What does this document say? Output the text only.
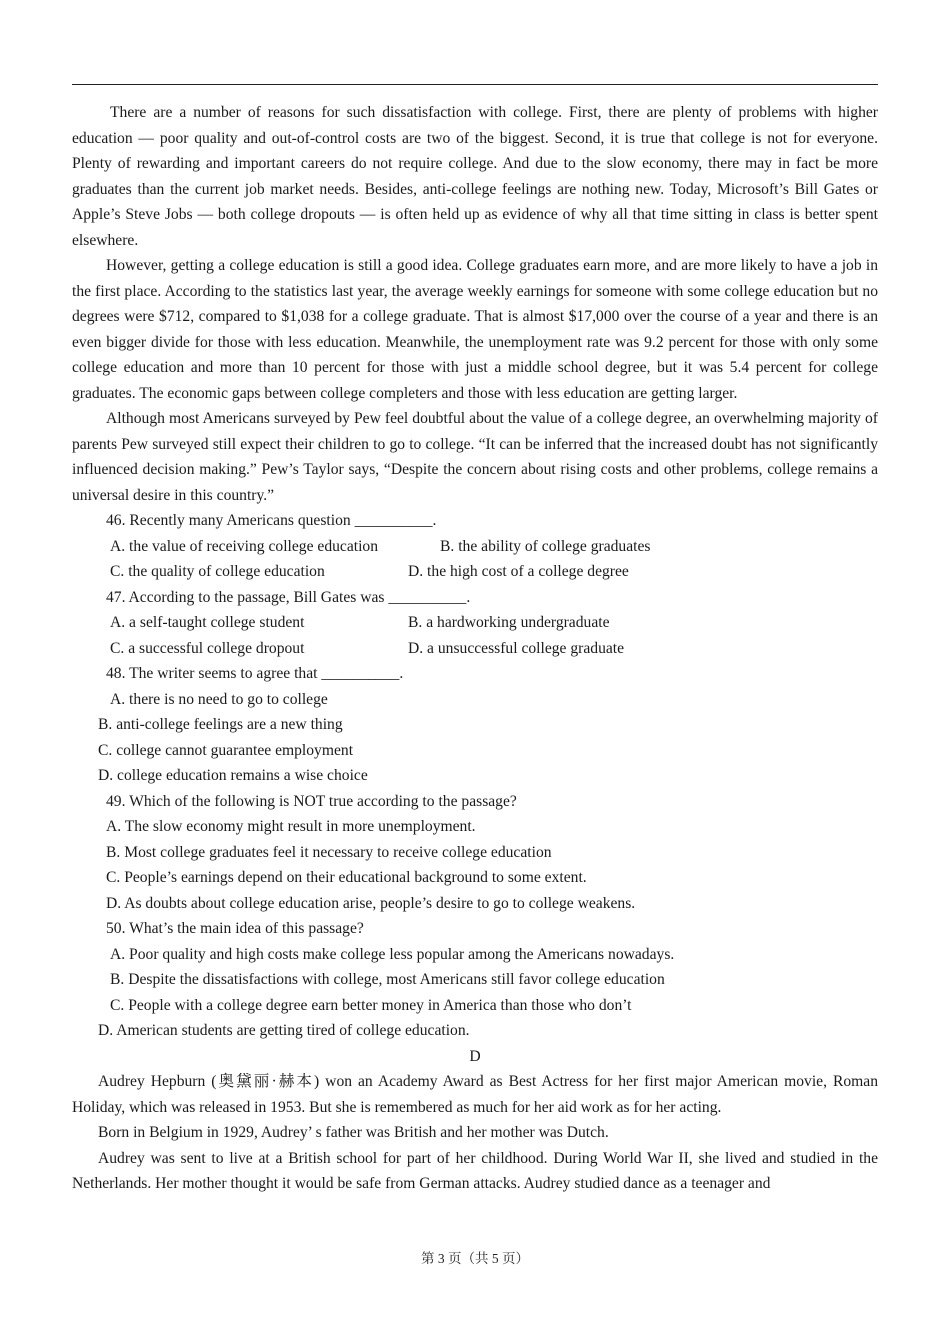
There are a number of reasons for such dissatisfaction with college. First, there are plenty of problems with higher education — poor quality and out-of-control costs are two of the biggest. Second, it is true that college is not for everyone. Plenty of rewarding and important careers do not require college. And due to the slow economy, there may in fact be more graduates than the current job market needs. Besides, anti-college feelings are nothing new. Today, Microsoft’s Bill Gates or Apple’s Steve Jobs — both college dropouts — is often held up as evidence of why all that time sitting in class is better spent elsewhere.

However, getting a college education is still a good idea. College graduates earn more, and are more likely to have a job in the first place. According to the statistics last year, the average weekly earnings for someone with some college education but no degrees were $712, compared to $1,038 for a college graduate. That is almost $17,000 over the course of a year and there is an even bigger divide for those with less education. Meanwhile, the unemployment rate was 9.2 percent for those with only some college education and more than 10 percent for those with just a middle school degree, but it was 5.4 percent for college graduates. The economic gaps between college completers and those with less education are getting larger.

Although most Americans surveyed by Pew feel doubtful about the value of a college degree, an overwhelming majority of parents Pew surveyed still expect their children to go to college. “It can be inferred that the increased doubt has not significantly influenced decision making.” Pew’s Taylor says, “Despite the concern about rising costs and other problems, college remains a universal desire in this country.”

46. Recently many Americans question __________.

A. the value of receiving college education	B. the ability of college graduates
C. the quality of college education	D. the high cost of a college degree

47. According to the passage, Bill Gates was __________.

A. a self-taught college student	B. a hardworking undergraduate
C. a successful college dropout	D. a unsuccessful college graduate

48. The writer seems to agree that __________.

A. there is no need to go to college

B. anti-college feelings are a new thing

C. college cannot guarantee employment

D. college education remains a wise choice

49. Which of the following is NOT true according to the passage?

A. The slow economy might result in more unemployment.

B. Most college graduates feel it necessary to receive college education

C. People’s earnings depend on their educational background to some extent.

D. As doubts about college education arise, people’s desire to go to college weakens.

50. What’s the main idea of this passage?

A. Poor quality and high costs make college less popular among the Americans nowadays.

B. Despite the dissatisfactions with college, most Americans still favor college education

C. People with a college degree earn better money in America than those who don’t

D. American students are getting tired of college education.

D

Audrey Hepburn (奥黛丽·赫本) won an Academy Award as Best Actress for her first major American movie, Roman Holiday, which was released in 1953. But she is remembered as much for her aid work as for her acting.

Born in Belgium in 1929, Audrey’ s father was British and her mother was Dutch.

Audrey was sent to live at a British school for part of her childhood. During World War II, she lived and studied in the Netherlands. Her mother thought it would be safe from German attacks. Audrey studied dance as a teenager and

第 3 页（共 5 页）
